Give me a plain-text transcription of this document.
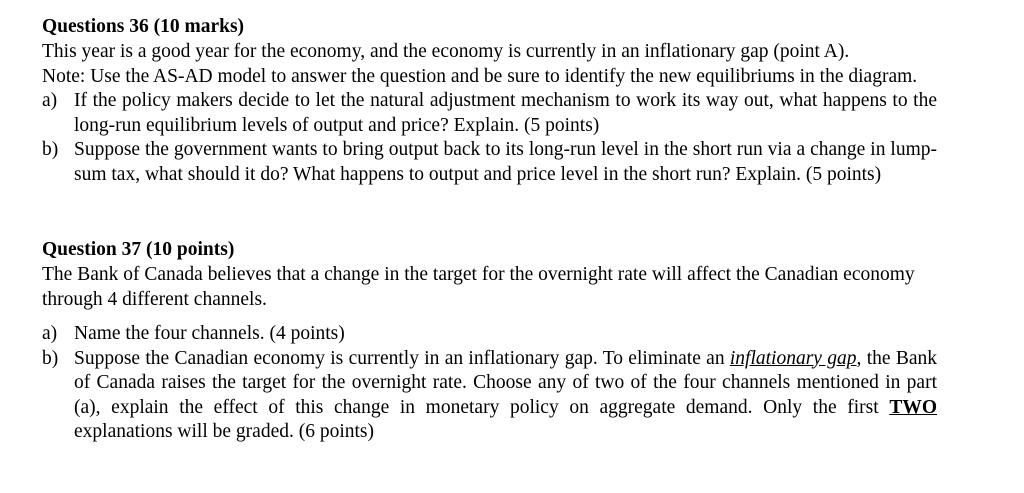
Questions 36 (10 marks)

This year is a good year for the economy, and the economy is currently in an inflationary gap (point A).

Note: Use the AS-AD model to answer the question and be sure to identify the new equilibriums in the diagram.

a) If the policy makers decide to let the natural adjustment mechanism to work its way out, what happens to the long-run equilibrium levels of output and price? Explain. (5 points)
b) Suppose the government wants to bring output back to its long-run level in the short run via a change in lump-sum tax, what should it do? What happens to output and price level in the short run? Explain. (5 points)

Question 37 (10 points)

The Bank of Canada believes that a change in the target for the overnight rate will affect the Canadian economy through 4 different channels.

a) Name the four channels. (4 points)
b) Suppose the Canadian economy is currently in an inflationary gap. To eliminate an inflationary gap, the Bank of Canada raises the target for the overnight rate. Choose any of two of the four channels mentioned in part (a), explain the effect of this change in monetary policy on aggregate demand. Only the first TWO explanations will be graded. (6 points)
